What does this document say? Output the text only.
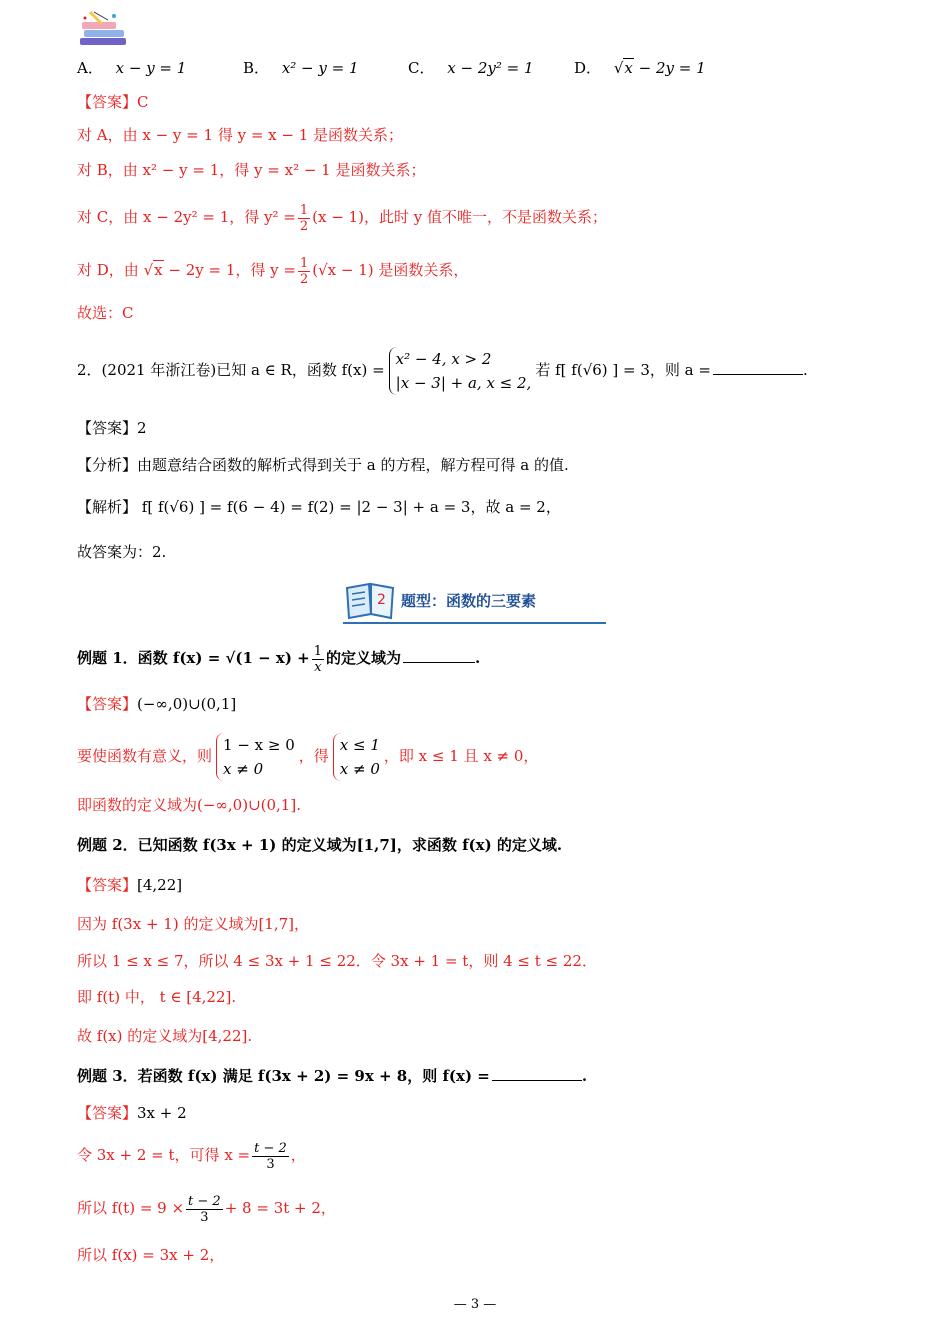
A． x − y = 1	B． x² − y = 1	C． x − 2y² = 1	D． √x − 2y = 1
【答案】C
对 A，由 x − y = 1 得 y = x − 1 是函数关系；
对 B，由 x² − y = 1，得 y = x² − 1 是函数关系；
对 C，由 x − 2y² = 1，得 $y^2 = \frac{1}{2} (x - 1)$，此时 y 值不唯一，不是函数关系；
对 D，由 √x − 2y = 1，得 $y = \frac{1}{2} (√x - 1)$ 是函数关系，
故选：C
2．(2021 年浙江卷)已知 a ∈ R，函数 f(x) =
x² − 4, x > 2
|x − 3| + a, x ≤ 2,
若 f[ f(√6) ] = 3，则 a =	.
【答案】2
【分析】由题意结合函数的解析式得到关于 a 的方程，解方程可得 a 的值.
【解析】 f[ f(√6) ] = f(6 − 4) = f(2) = |2 − 3| + a = 3，故 a = 2，
故答案为：2.
2 题型：函数的三要素
例题 1．函数 $f(x) = √(1 - x) + \frac{1}{x}$ 的定义域为	.
【答案】(−∞,0)∪(0,1]
要使函数有意义，则
1 − x ≥ 0
x ≠ 0
，得
x ≤ 1
x ≠ 0
，即 x ≤ 1 且 x ≠ 0，
即函数的定义域为(−∞,0)∪(0,1].
例题 2．已知函数 f(3x + 1) 的定义域为[1,7]，求函数 f(x) 的定义域.
【答案】[4,22]
因为 f(3x + 1) 的定义域为[1,7]，
所以 1 ≤ x ≤ 7，所以 4 ≤ 3x + 1 ≤ 22．令 3x + 1 = t，则 4 ≤ t ≤ 22．
即 f(t) 中， t ∈ [4,22].
故 f(x) 的定义域为[4,22].
例题 3．若函数 f(x) 满足 f(3x + 2) = 9x + 8，则 f(x) =	.
【答案】3x + 2
令 3x + 2 = t，可得 $x = \frac{t - 2}{3}$ ，
所以 $f(t) = 9 \times \frac{t - 2}{3} + 8 = 3t + 2$，
所以 f(x) = 3x + 2，
— 3 —
